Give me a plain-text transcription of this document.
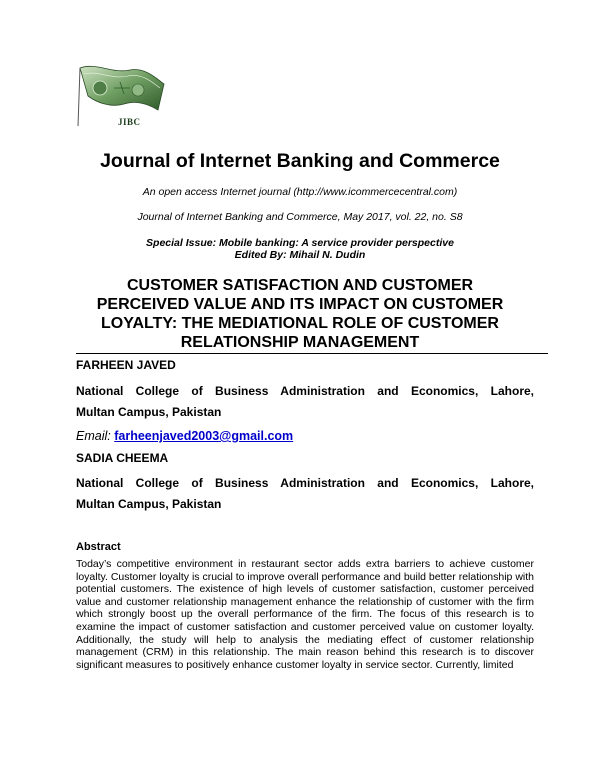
JIBC
Journal of Internet Banking and Commerce
An open access Internet journal (http://www.icommercecentral.com)
Journal of Internet Banking and Commerce, May 2017, vol. 22, no. S8
Special Issue: Mobile banking: A service provider perspective
Edited By: Mihail N. Dudin
CUSTOMER SATISFACTION AND CUSTOMER
PERCEIVED VALUE AND ITS IMPACT ON CUSTOMER
LOYALTY: THE MEDIATIONAL ROLE OF CUSTOMER
RELATIONSHIP MANAGEMENT
FARHEEN JAVED
National College of Business Administration and Economics, Lahore,
Multan Campus, Pakistan
Email: farheenjaved2003@gmail.com
SADIA CHEEMA
National College of Business Administration and Economics, Lahore,
Multan Campus, Pakistan
Abstract
Today’s competitive environment in restaurant sector adds extra barriers to achieve customer loyalty. Customer loyalty is crucial to improve overall performance and build better relationship with potential customers. The existence of high levels of customer satisfaction, customer perceived value and customer relationship management enhance the relationship of customer with the firm which strongly boost up the overall performance of the firm. The focus of this research is to examine the impact of customer satisfaction and customer perceived value on customer loyalty. Additionally, the study will help to analysis the mediating effect of customer relationship management (CRM) in this relationship. The main reason behind this research is to discover significant measures to positively enhance customer loyalty in service sector. Currently, limited
